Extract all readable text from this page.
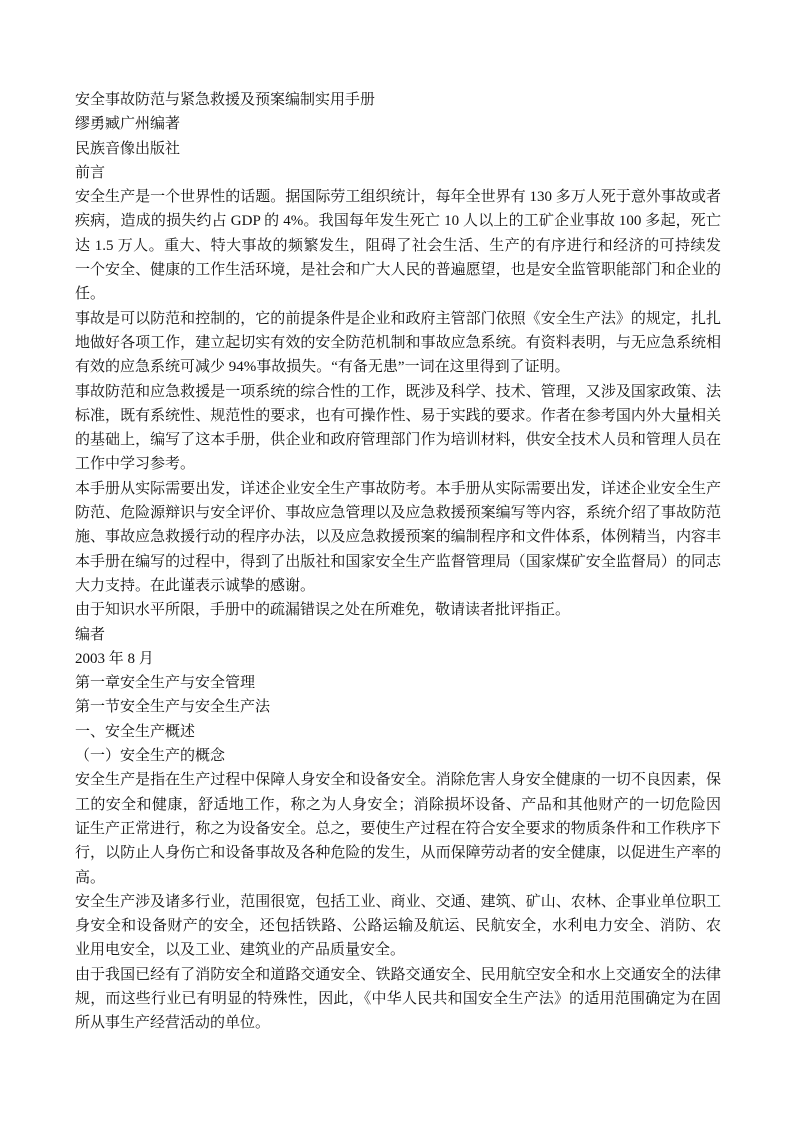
安全事故防范与紧急救援及预案编制实用手册
缪勇臧广州编著
民族音像出版社
前言
安全生产是一个世界性的话题。据国际劳工组织统计，每年全世界有 130 多万人死于意外事故或者
疾病，造成的损失约占 GDP 的 4%。我国每年发生死亡 10 人以上的工矿企业事故 100 多起，死亡
达 1.5 万人。重大、特大事故的频繁发生，阻碍了社会生活、生产的有序进行和经济的可持续发
一个安全、健康的工作生活环境，是社会和广大人民的普遍愿望，也是安全监管职能部门和企业的
任。
事故是可以防范和控制的，它的前提条件是企业和政府主管部门依照《安全生产法》的规定，扎扎
地做好各项工作，建立起切实有效的安全防范机制和事故应急系统。有资料表明，与无应急系统相
有效的应急系统可减少 94%事故损失。“有备无患”一词在这里得到了证明。
事故防范和应急救援是一项系统的综合性的工作，既涉及科学、技术、管理，又涉及国家政策、法
标准，既有系统性、规范性的要求，也有可操作性、易于实践的要求。作者在参考国内外大量相关
的基础上，编写了这本手册，供企业和政府管理部门作为培训材料，供安全技术人员和管理人员在
工作中学习参考。
本手册从实际需要出发，详述企业安全生产事故防考。本手册从实际需要出发，详述企业安全生产
防范、危险源辩识与安全评价、事故应急管理以及应急救援预案编写等内容，系统介绍了事故防范
施、事故应急救援行动的程序办法，以及应急救援预案的编制程序和文件体系，体例精当，内容丰
本手册在编写的过程中，得到了出版社和国家安全生产监督管理局（国家煤矿安全监督局）的同志
大力支持。在此谨表示诚挚的感谢。
由于知识水平所限，手册中的疏漏错误之处在所难免，敬请读者批评指正。
编者
2003 年 8 月
第一章安全生产与安全管理
第一节安全生产与安全生产法
一、安全生产概述
（一）安全生产的概念
安全生产是指在生产过程中保障人身安全和设备安全。消除危害人身安全健康的一切不良因素，保
工的安全和健康，舒适地工作，称之为人身安全；消除损坏设备、产品和其他财产的一切危险因
证生产正常进行，称之为设备安全。总之，要使生产过程在符合安全要求的物质条件和工作秩序下
行，以防止人身伤亡和设备事故及各种危险的发生，从而保障劳动者的安全健康，以促进生产率的
高。
安全生产涉及诸多行业，范围很宽，包括工业、商业、交通、建筑、矿山、农林、企事业单位职工
身安全和设备财产的安全，还包括铁路、公路运输及航运、民航安全，水利电力安全、消防、农
业用电安全，以及工业、建筑业的产品质量安全。
由于我国已经有了消防安全和道路交通安全、铁路交通安全、民用航空安全和水上交通安全的法律
规，而这些行业已有明显的特殊性，因此，《中华人民共和国安全生产法》的适用范围确定为在固
所从事生产经营活动的单位。
